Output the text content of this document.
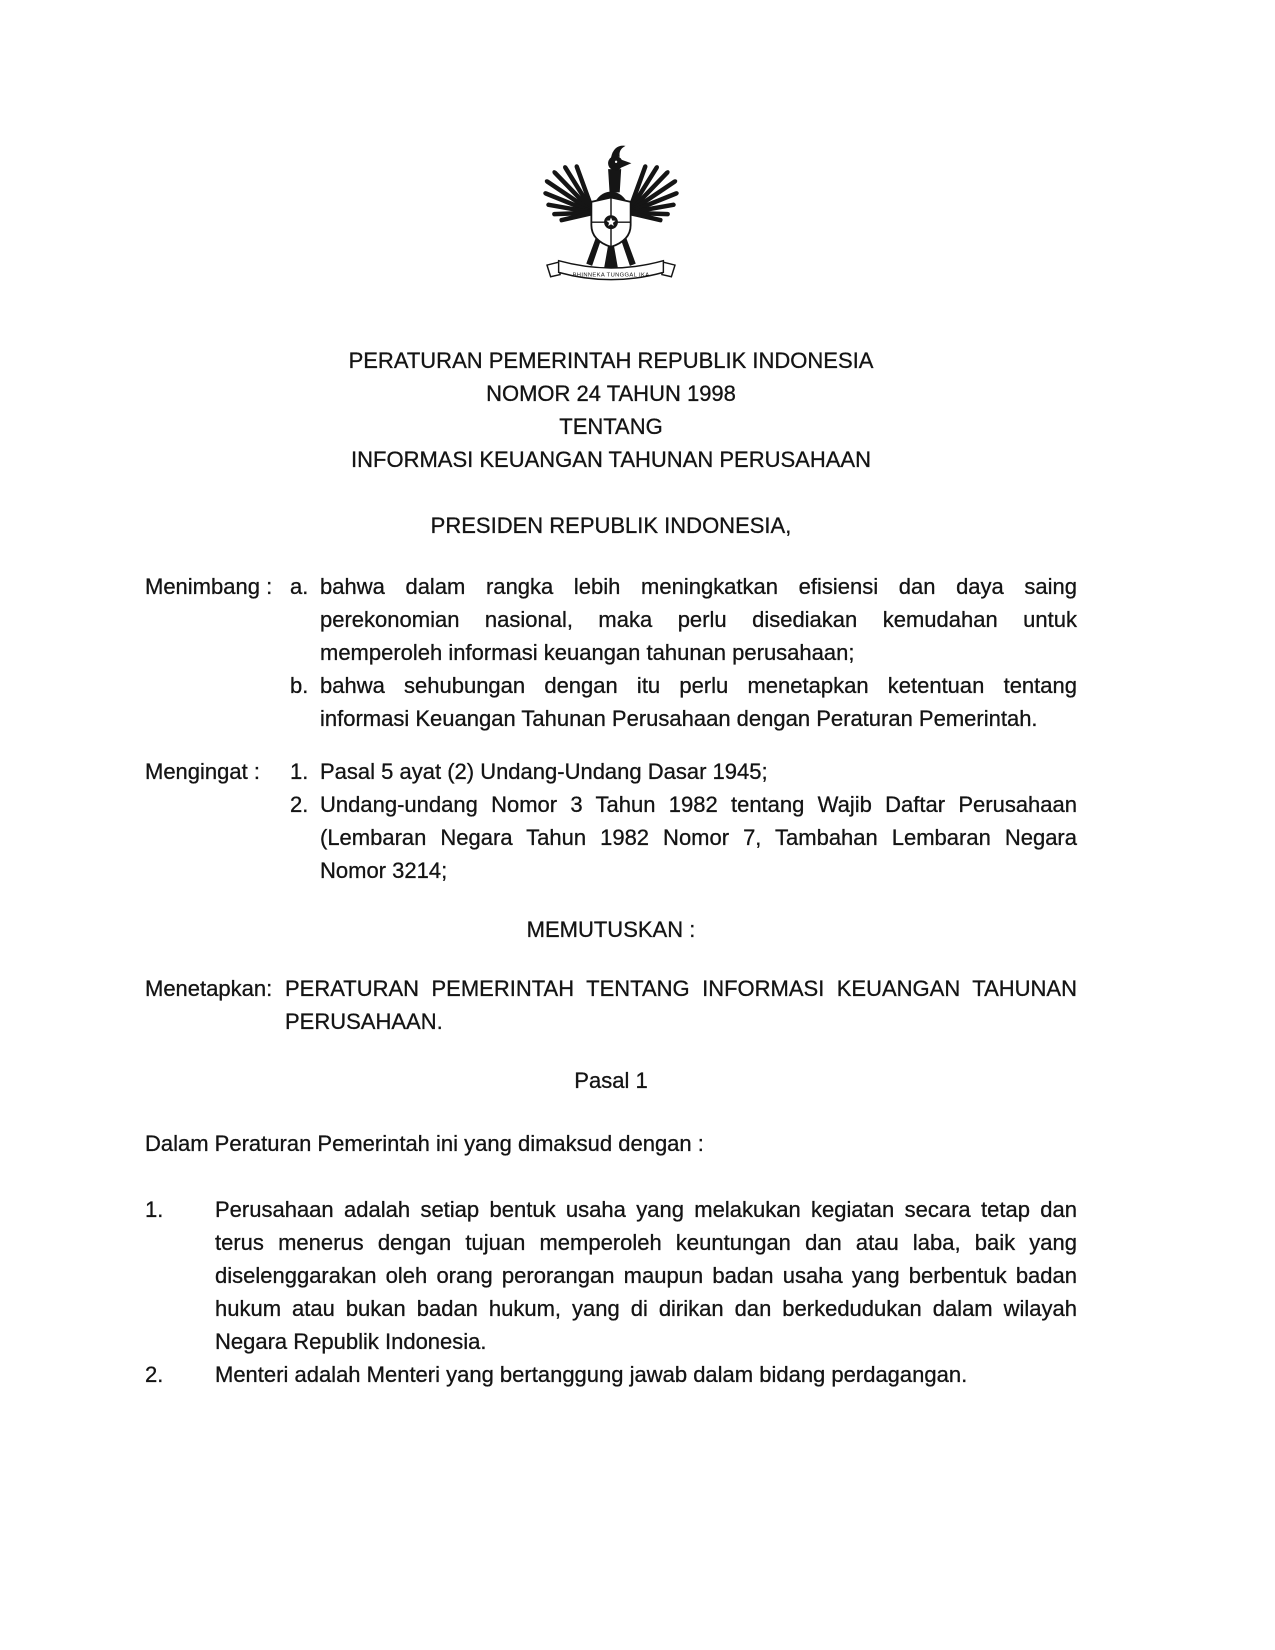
BHINNEKA TUNGGAL IKA
PERATURAN PEMERINTAH REPUBLIK INDONESIA
NOMOR 24 TAHUN 1998
TENTANG
INFORMASI KEUANGAN TAHUNAN PERUSAHAAN
PRESIDEN REPUBLIK INDONESIA,
Menimbang : a. bahwa dalam rangka lebih meningkatkan efisiensi dan daya saing perekonomian nasional, maka perlu disediakan kemudahan untuk memperoleh informasi keuangan tahunan perusahaan;
b. bahwa sehubungan dengan itu perlu menetapkan ketentuan tentang informasi Keuangan Tahunan Perusahaan dengan Peraturan Pemerintah.
Mengingat :	1. Pasal 5 ayat (2) Undang-Undang Dasar 1945;
2. Undang-undang Nomor 3 Tahun 1982 tentang Wajib Daftar Perusahaan (Lembaran Negara Tahun 1982 Nomor 7, Tambahan Lembaran Negara Nomor 3214;
MEMUTUSKAN :
Menetapkan: PERATURAN PEMERINTAH TENTANG INFORMASI KEUANGAN TAHUNAN PERUSAHAAN.
Pasal 1
Dalam Peraturan Pemerintah ini yang dimaksud dengan :
1.	Perusahaan adalah setiap bentuk usaha yang melakukan kegiatan secara tetap dan terus menerus dengan tujuan memperoleh keuntungan dan atau laba, baik yang diselenggarakan oleh orang perorangan maupun badan usaha yang berbentuk badan hukum atau bukan badan hukum, yang di dirikan dan berkedudukan dalam wilayah Negara Republik Indonesia.
2.	Menteri adalah Menteri yang bertanggung jawab dalam bidang perdagangan.
